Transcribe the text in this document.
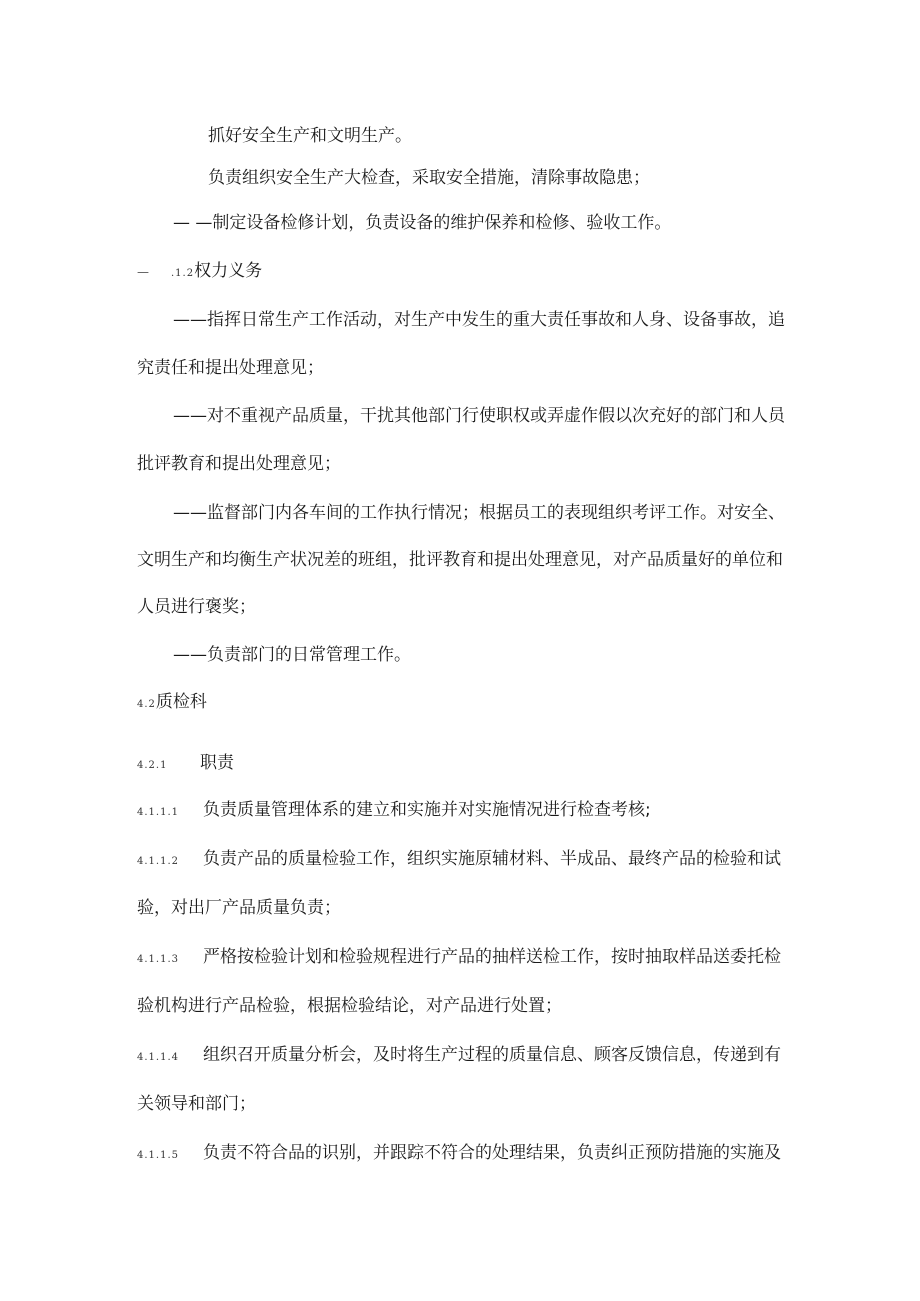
抓好安全生产和文明生产。
负责组织安全生产大检查，采取安全措施，清除事故隐患；
— —制定设备检修计划，负责设备的维护保养和检修、验收工作。
— .1.2权力义务
——指挥日常生产工作活动，对生产中发生的重大责任事故和人身、设备事故，追
究责任和提出处理意见；
——对不重视产品质量，干扰其他部门行使职权或弄虚作假以次充好的部门和人员
批评教育和提出处理意见；
——监督部门内各车间的工作执行情况；根据员工的表现组织考评工作。对安全、
文明生产和均衡生产状况差的班组，批评教育和提出处理意见，对产品质量好的单位和
人员进行褒奖；
——负责部门的日常管理工作。
4.2质检科
4.2.1 职责
4.1.1.1 负责质量管理体系的建立和实施并对实施情况进行检查考核;
4.1.1.2 负责产品的质量检验工作，组织实施原辅材料、半成品、最终产品的检验和试
验，对出厂产品质量负责；
4.1.1.3 严格按检验计划和检验规程进行产品的抽样送检工作，按时抽取样品送委托检
验机构进行产品检验，根据检验结论，对产品进行处置；
4.1.1.4 组织召开质量分析会，及时将生产过程的质量信息、顾客反馈信息，传递到有
关领导和部门；
4.1.1.5 负责不符合品的识别，并跟踪不符合的处理结果，负责纠正预防措施的实施及
